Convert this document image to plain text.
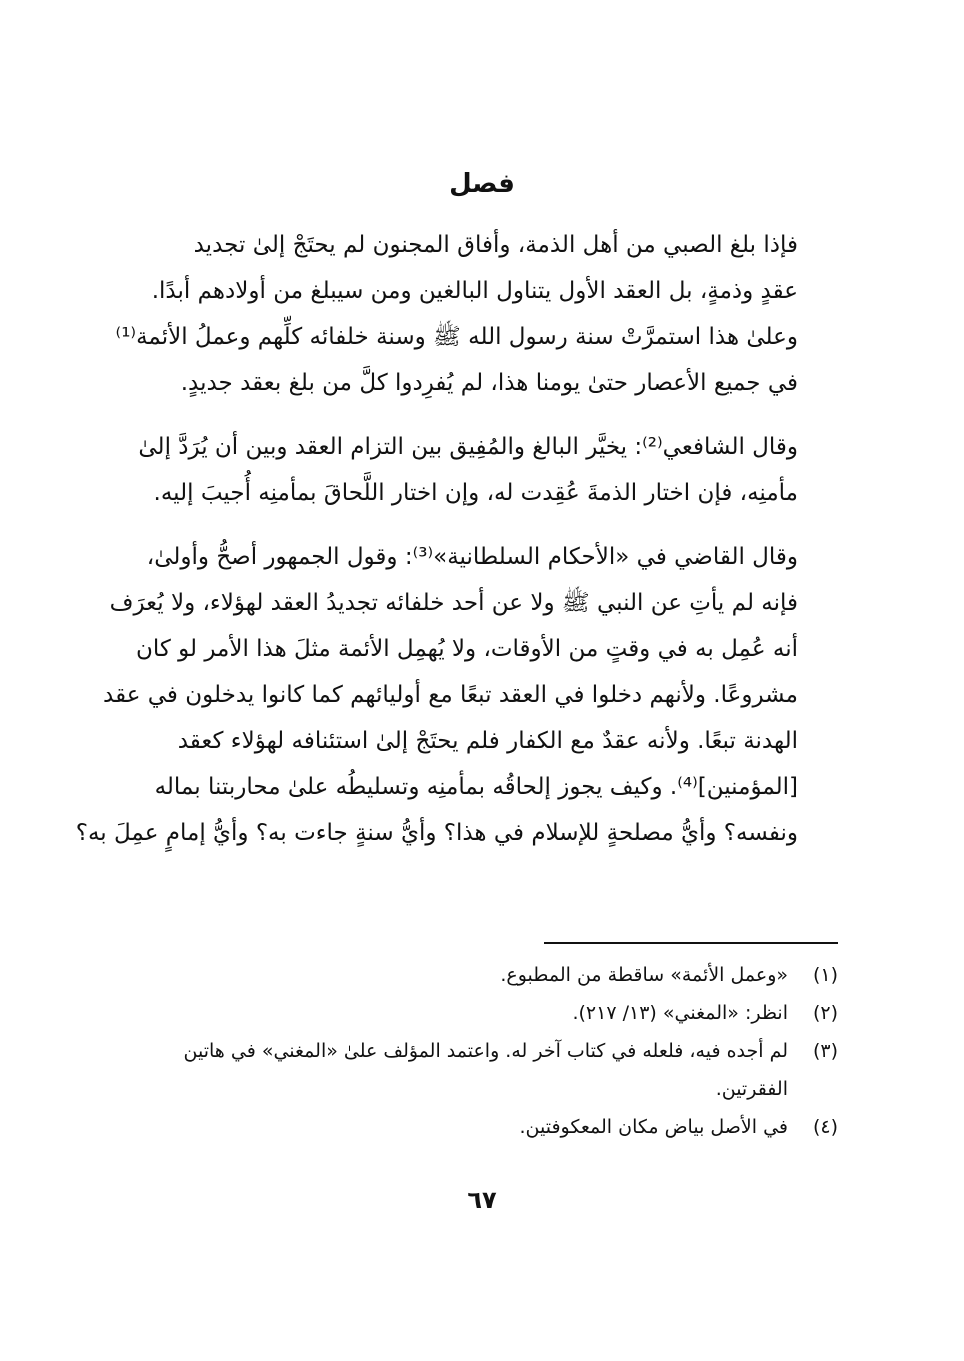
فصل

فإذا بلغ الصبي من أهل الذمة، وأفاق المجنون لم يحتَجْ إلىٰ تجديد
عقدٍ وذمةٍ، بل العقد الأول يتناول البالغين ومن سيبلغ من أولادهم أبدًا.
وعلىٰ هذا استمرَّتْ سنة رسول الله ﷺ وسنة خلفائه كلِّهم وعملُ الأئمة⁽¹⁾
في جميع الأعصار حتىٰ يومنا هذا، لم يُفرِدوا كلَّ من بلغ بعقد جديدٍ.

وقال الشافعي⁽²⁾: يخيَّر البالغ والمُفِيق بين التزام العقد وبين أن يُرَدَّ إلىٰ
مأمنِه، فإن اختار الذمةَ عُقِدت له، وإن اختار اللَّحاقَ بمأمنِه أُجيبَ إليه.

وقال القاضي في «الأحكام السلطانية»⁽³⁾: وقول الجمهور أصحُّ وأولىٰ،
فإنه لم يأتِ عن النبي ﷺ ولا عن أحد خلفائه تجديدُ العقد لهؤلاء، ولا يُعرَف
أنه عُمِل به في وقتٍ من الأوقات، ولا يُهمِل الأئمة مثلَ هذا الأمر لو كان
مشروعًا. ولأنهم دخلوا في العقد تبعًا مع أوليائهم كما كانوا يدخلون في عقد
الهدنة تبعًا. ولأنه عقدٌ مع الكفار فلم يحتَجْ إلىٰ استئنافه لهؤلاء كعقد
[المؤمنين]⁽⁴⁾. وكيف يجوز إلحاقُه بمأمنِه وتسليطُه علىٰ محاربتنا بماله
ونفسه؟ وأيُّ مصلحةٍ للإسلام في هذا؟ وأيُّ سنةٍ جاءت به؟ وأيُّ إمامٍ عمِلَ به؟

(١)
«وعمل الأئمة» ساقطة من المطبوع.
(٢)
انظر: «المغني» (١٣/ ٢١٧).
(٣)
لم أجده فيه، فلعله في كتاب آخر له. واعتمد المؤلف علىٰ «المغني» في هاتين الفقرتين.
(٤)
في الأصل بياض مكان المعكوفتين.
٦٧
